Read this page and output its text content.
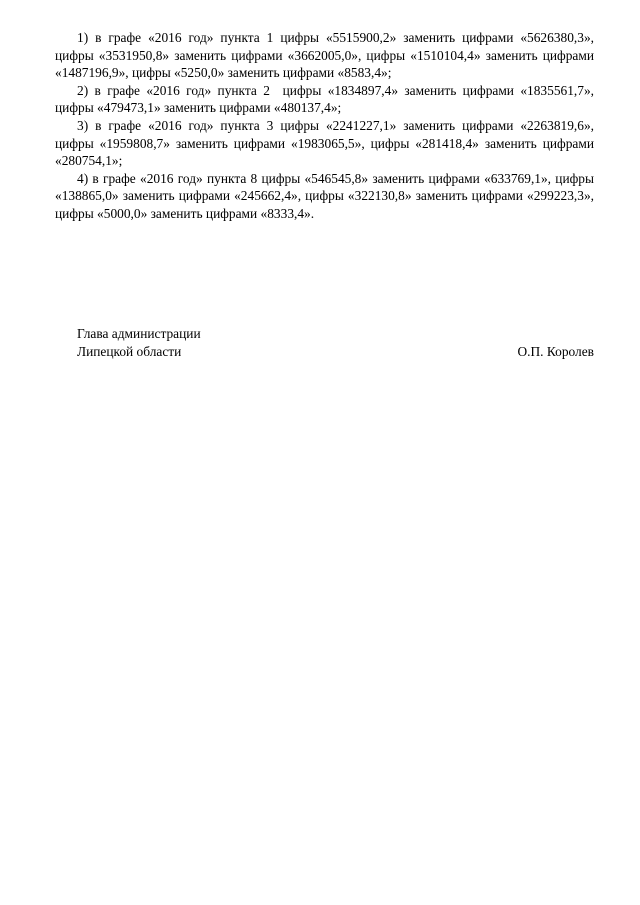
1) в графе «2016 год» пункта 1 цифры «5515900,2» заменить цифрами «5626380,3», цифры «3531950,8» заменить цифрами «3662005,0», цифры «1510104,4» заменить цифрами «1487196,9», цифры «5250,0» заменить цифрами «8583,4»;

2) в графе «2016 год» пункта 2  цифры «1834897,4» заменить цифрами «1835561,7», цифры «479473,1» заменить цифрами «480137,4»;

3) в графе «2016 год» пункта 3 цифры «2241227,1» заменить цифрами «2263819,6», цифры «1959808,7» заменить цифрами «1983065,5», цифры «281418,4» заменить цифрами «280754,1»;

4) в графе «2016 год» пункта 8 цифры «546545,8» заменить цифрами «633769,1», цифры «138865,0» заменить цифрами «245662,4», цифры «322130,8» заменить цифрами «299223,3», цифры «5000,0» заменить цифрами «8333,4».

Глава администрации
Липецкой области	О.П. Королев
